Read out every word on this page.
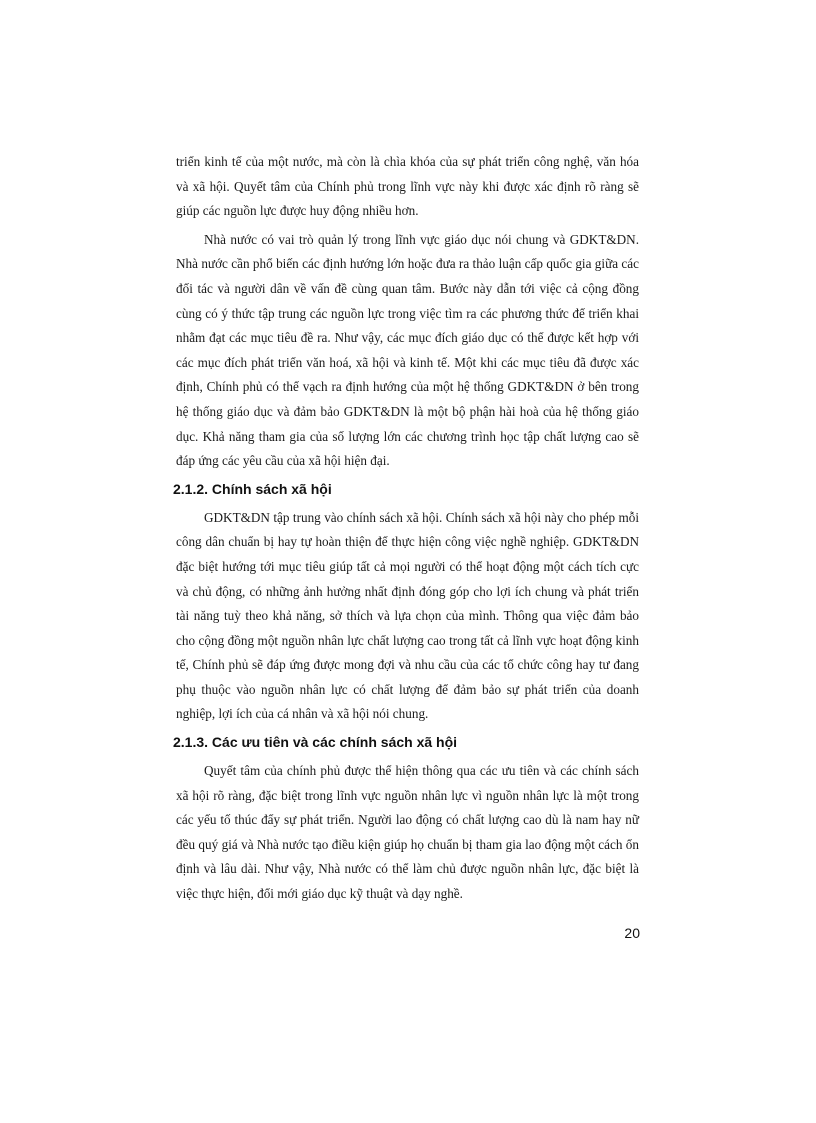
triển kinh tế của một nước, mà còn là chìa khóa của sự phát triển công nghệ, văn hóa và xã hội. Quyết tâm của Chính phủ trong lĩnh vực này khi được xác định rõ ràng sẽ giúp các nguồn lực được huy động nhiều hơn.

Nhà nước có vai trò quản lý trong lĩnh vực giáo dục nói chung và GDKT&DN. Nhà nước cần phổ biến các định hướng lớn hoặc đưa ra thảo luận cấp quốc gia giữa các đối tác và người dân về vấn đề cùng quan tâm. Bước này dẫn tới việc cả cộng đồng cùng có ý thức tập trung các nguồn lực trong việc tìm ra các phương thức để triển khai nhằm đạt các mục tiêu đề ra. Như vậy, các mục đích giáo dục có thể được kết hợp với các mục đích phát triển văn hoá, xã hội và kinh tế. Một khi các mục tiêu đã được xác định, Chính phủ có thể vạch ra định hướng của một hệ thống GDKT&DN ở bên trong hệ thống giáo dục và đảm bảo GDKT&DN là một bộ phận hài hoà của hệ thống giáo dục. Khả năng tham gia của số lượng lớn các chương trình học tập chất lượng cao sẽ đáp ứng các yêu cầu của xã hội hiện đại.

2.1.2. Chính sách xã hội

GDKT&DN tập trung vào chính sách xã hội. Chính sách xã hội này cho phép mỗi công dân chuẩn bị hay tự hoàn thiện để thực hiện công việc nghề nghiệp. GDKT&DN đặc biệt hướng tới mục tiêu giúp tất cả mọi người có thể hoạt động một cách tích cực và chủ động, có những ảnh hưởng nhất định đóng góp cho lợi ích chung và phát triển tài năng tuỳ theo khả năng, sở thích và lựa chọn của mình. Thông qua việc đảm bảo cho cộng đồng một nguồn nhân lực chất lượng cao trong tất cả lĩnh vực hoạt động kinh tế, Chính phủ sẽ đáp ứng được mong đợi và nhu cầu của các tổ chức công hay tư đang phụ thuộc vào nguồn nhân lực có chất lượng để đảm bảo sự phát triển của doanh nghiệp, lợi ích của cá nhân và xã hội nói chung.

2.1.3. Các ưu tiên và các chính sách xã hội

Quyết tâm của chính phủ được thể hiện thông qua các ưu tiên và các chính sách xã hội rõ ràng, đặc biệt trong lĩnh vực nguồn nhân lực vì nguồn nhân lực là một trong các yếu tố thúc đẩy sự phát triển. Người lao động có chất lượng cao dù là nam hay nữ đều quý giá và Nhà nước tạo điều kiện giúp họ chuẩn bị tham gia lao động một cách ổn định và lâu dài. Như vậy, Nhà nước có thể làm chủ được nguồn nhân lực, đặc biệt là việc thực hiện, đổi mới giáo dục kỹ thuật và dạy nghề.

20
